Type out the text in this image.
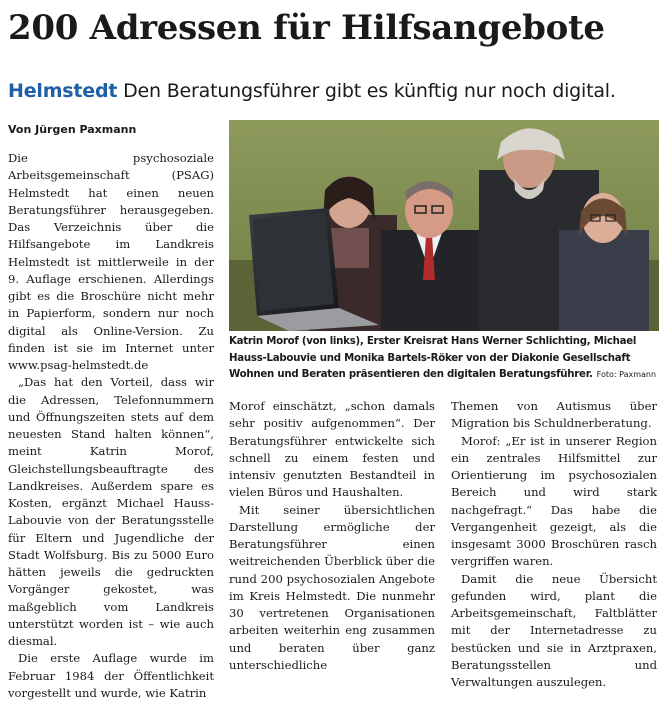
200 Adressen für Hilfsangebote
Helmstedt Den Beratungsführer gibt es künftig nur noch digital.
Von Jürgen Paxmann

Die psychosoziale Arbeitsgemeinschaft (PSAG) Helmstedt hat einen neuen Beratungsführer herausgegeben. Das Verzeichnis über die Hilfsangebote im Landkreis Helmstedt ist mittlerweile in der 9. Auflage erschienen. Allerdings gibt es die Broschüre nicht mehr in Papierform, sondern nur noch digital als Online-Version. Zu finden ist sie im Internet unter www.psag-helmstedt.de

„Das hat den Vorteil, dass wir die Adressen, Telefonnummern und Öffnungszeiten stets auf dem neuesten Stand halten können“, meint Katrin Morof, Gleichstellungsbeauftragte des Landkreises. Außerdem spare es Kosten, ergänzt Michael Hauss-Labouvie von der Beratungsstelle für Eltern und Jugendliche der Stadt Wolfsburg. Bis zu 5000 Euro hätten jeweils die gedruckten Vorgänger gekostet, was maßgeblich vom Landkreis unterstützt worden ist – wie auch diesmal.

Die erste Auflage wurde im Februar 1984 der Öffentlichkeit vorgestellt und wurde, wie Katrin

Katrin Morof (von links), Erster Kreisrat Hans Werner Schlichting, Michael Hauss-Labouvie und Monika Bartels-Röker von der Diakonie Gesellschaft Wohnen und Beraten präsentieren den digitalen Beratungsführer. Foto: Paxmann

Morof einschätzt, „schon damals sehr positiv aufgenommen“. Der Beratungsführer entwickelte sich schnell zu einem festen und intensiv genutzten Bestandteil in vielen Büros und Haushalten.

Mit seiner übersichtlichen Darstellung ermögliche der Beratungsführer einen weitreichenden Überblick über die rund 200 psychosozialen Angebote im Kreis Helmstedt. Die nunmehr 30 vertretenen Organisationen arbeiten weiterhin eng zusammen und beraten über ganz unterschiedliche

Themen von Autismus über Migration bis Schuldnerberatung.

Morof: „Er ist in unserer Region ein zentrales Hilfsmittel zur Orientierung im psychosozialen Bereich und wird stark nachgefragt.“ Das habe die Vergangenheit gezeigt, als die insgesamt 3000 Broschüren rasch vergriffen waren.

Damit die neue Übersicht gefunden wird, plant die Arbeitsgemeinschaft, Faltblätter mit der Internetadresse zu bestücken und sie in Arztpraxen, Beratungsstellen und Verwaltungen auszulegen.
